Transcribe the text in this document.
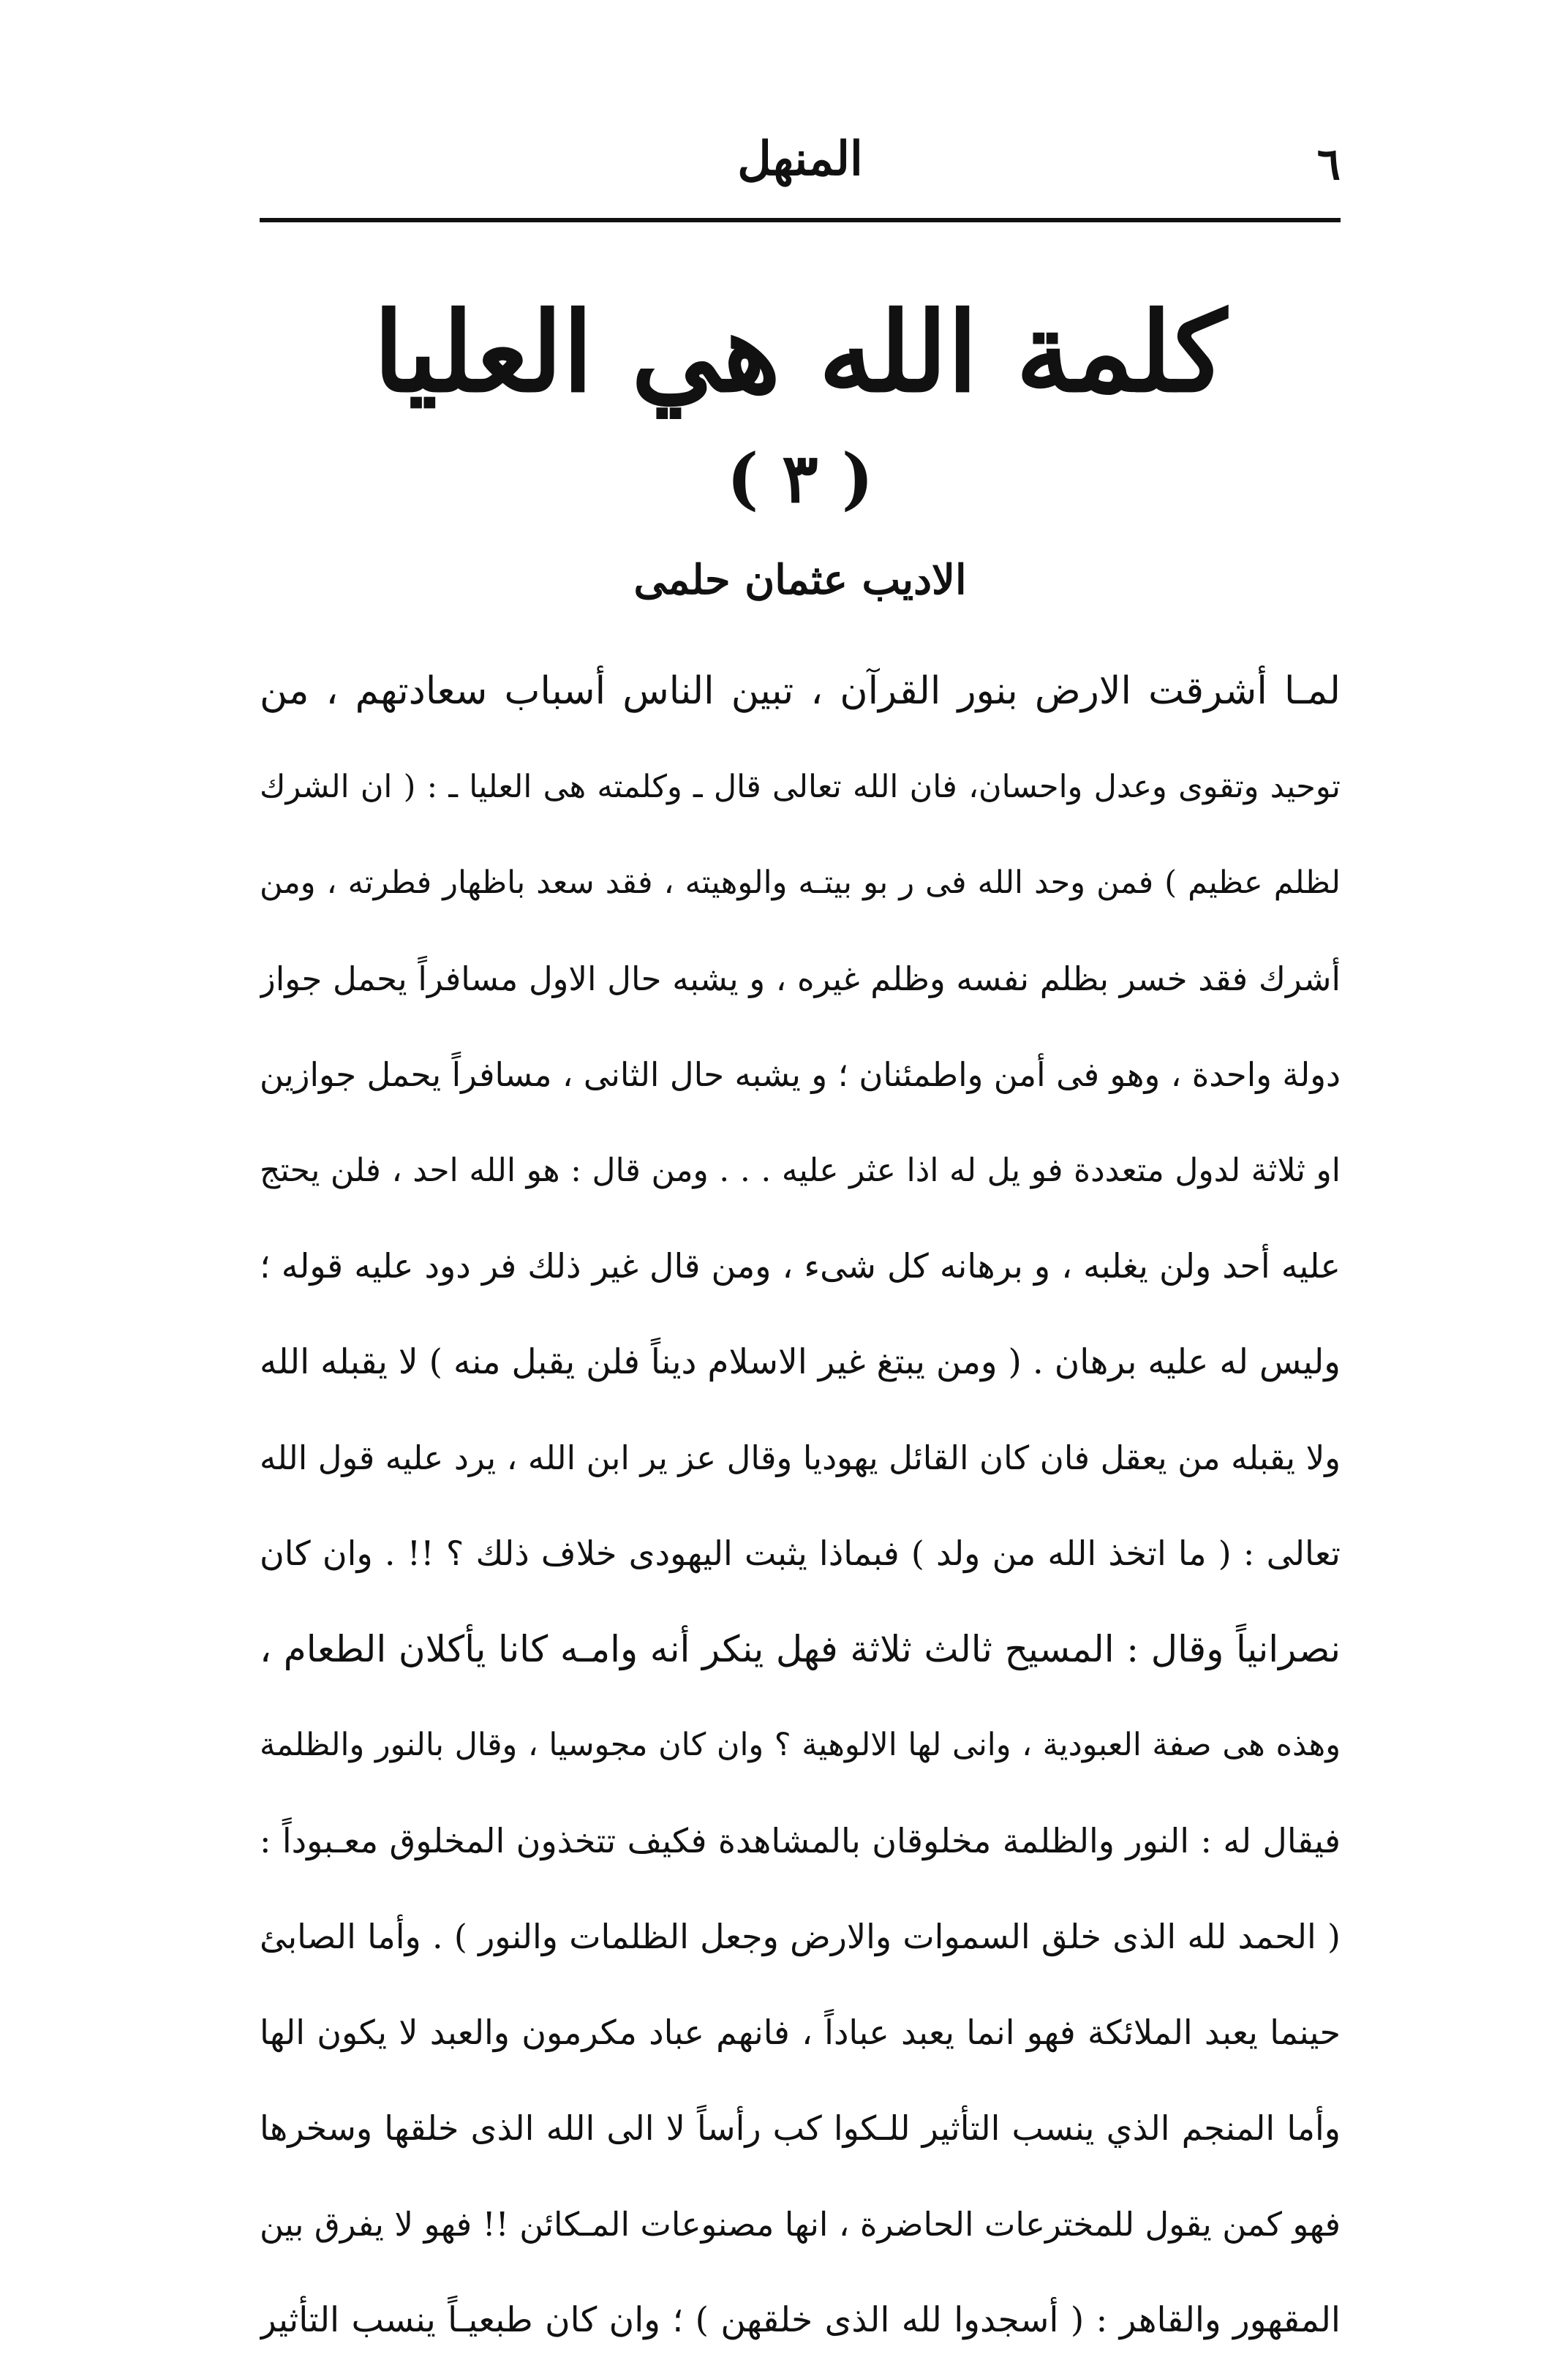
٦
المنهل
كلمة الله هي العليا
( ٣ )
الاديب عثمان حلمى
لمـا أشرقت الارض بنور القرآن ، تبين الناس أسباب سعادتهم ، من
توحيد وتقوى وعدل واحسان، فان الله تعالى قال ـ وكلمته هى العليا ـ : ( ان الشرك
لظلم عظيم ) فمن وحد الله فى ر بو بيتـه والوهيته ، فقد سعد باظهار فطرته ، ومن
أشرك فقد خسر بظلم نفسه وظلم غيره ، و يشبه حال الاول مسافراً يحمل جواز
دولة واحدة ، وهو فى أمن واطمئنان ؛ و يشبه حال الثانى ، مسافراً يحمل جوازين
او ثلاثة لدول متعددة فو يل له اذا عثر عليه . . . ومن قال : هو الله احد ، فلن يحتج
عليه أحد ولن يغلبه ، و برهانه كل شىء ، ومن قال غير ذلك فر دود عليه قوله ؛
وليس له عليه برهان . ( ومن يبتغ غير الاسلام ديناً فلن يقبل منه ) لا يقبله الله
ولا يقبله من يعقل فان كان القائل يهوديا وقال عز ير ابن الله ، يرد عليه قول الله
تعالى : ( ما اتخذ الله من ولد ) فبماذا يثبت اليهودى خلاف ذلك ؟ !! . وان كان
نصرانياً وقال : المسيح ثالث ثلاثة فهل ينكر أنه وامـه كانا يأكلان الطعام ،
وهذه هى صفة العبودية ، وانى لها الالوهية ؟ وان كان مجوسيا ، وقال بالنور والظلمة
فيقال له : النور والظلمة مخلوقان بالمشاهدة فكيف تتخذون المخلوق معـبوداً :
( الحمد لله الذى خلق السموات والارض وجعل الظلمات والنور ) . وأما الصابئ
حينما يعبد الملائكة فهو انما يعبد عباداً ، فانهم عباد مكرمون والعبد لا يكون الها
وأما المنجم الذي ينسب التأثير للـكوا كب رأساً لا الى الله الذى خلقها وسخرها
فهو كمن يقول للمخترعات الحاضرة ، انها مصنوعات المـكائن !! فهو لا يفرق بين
المقهور والقاهر : ( أسجدوا لله الذى خلقهن ) ؛ وان كان طبعيـاً ينسب التأثير
